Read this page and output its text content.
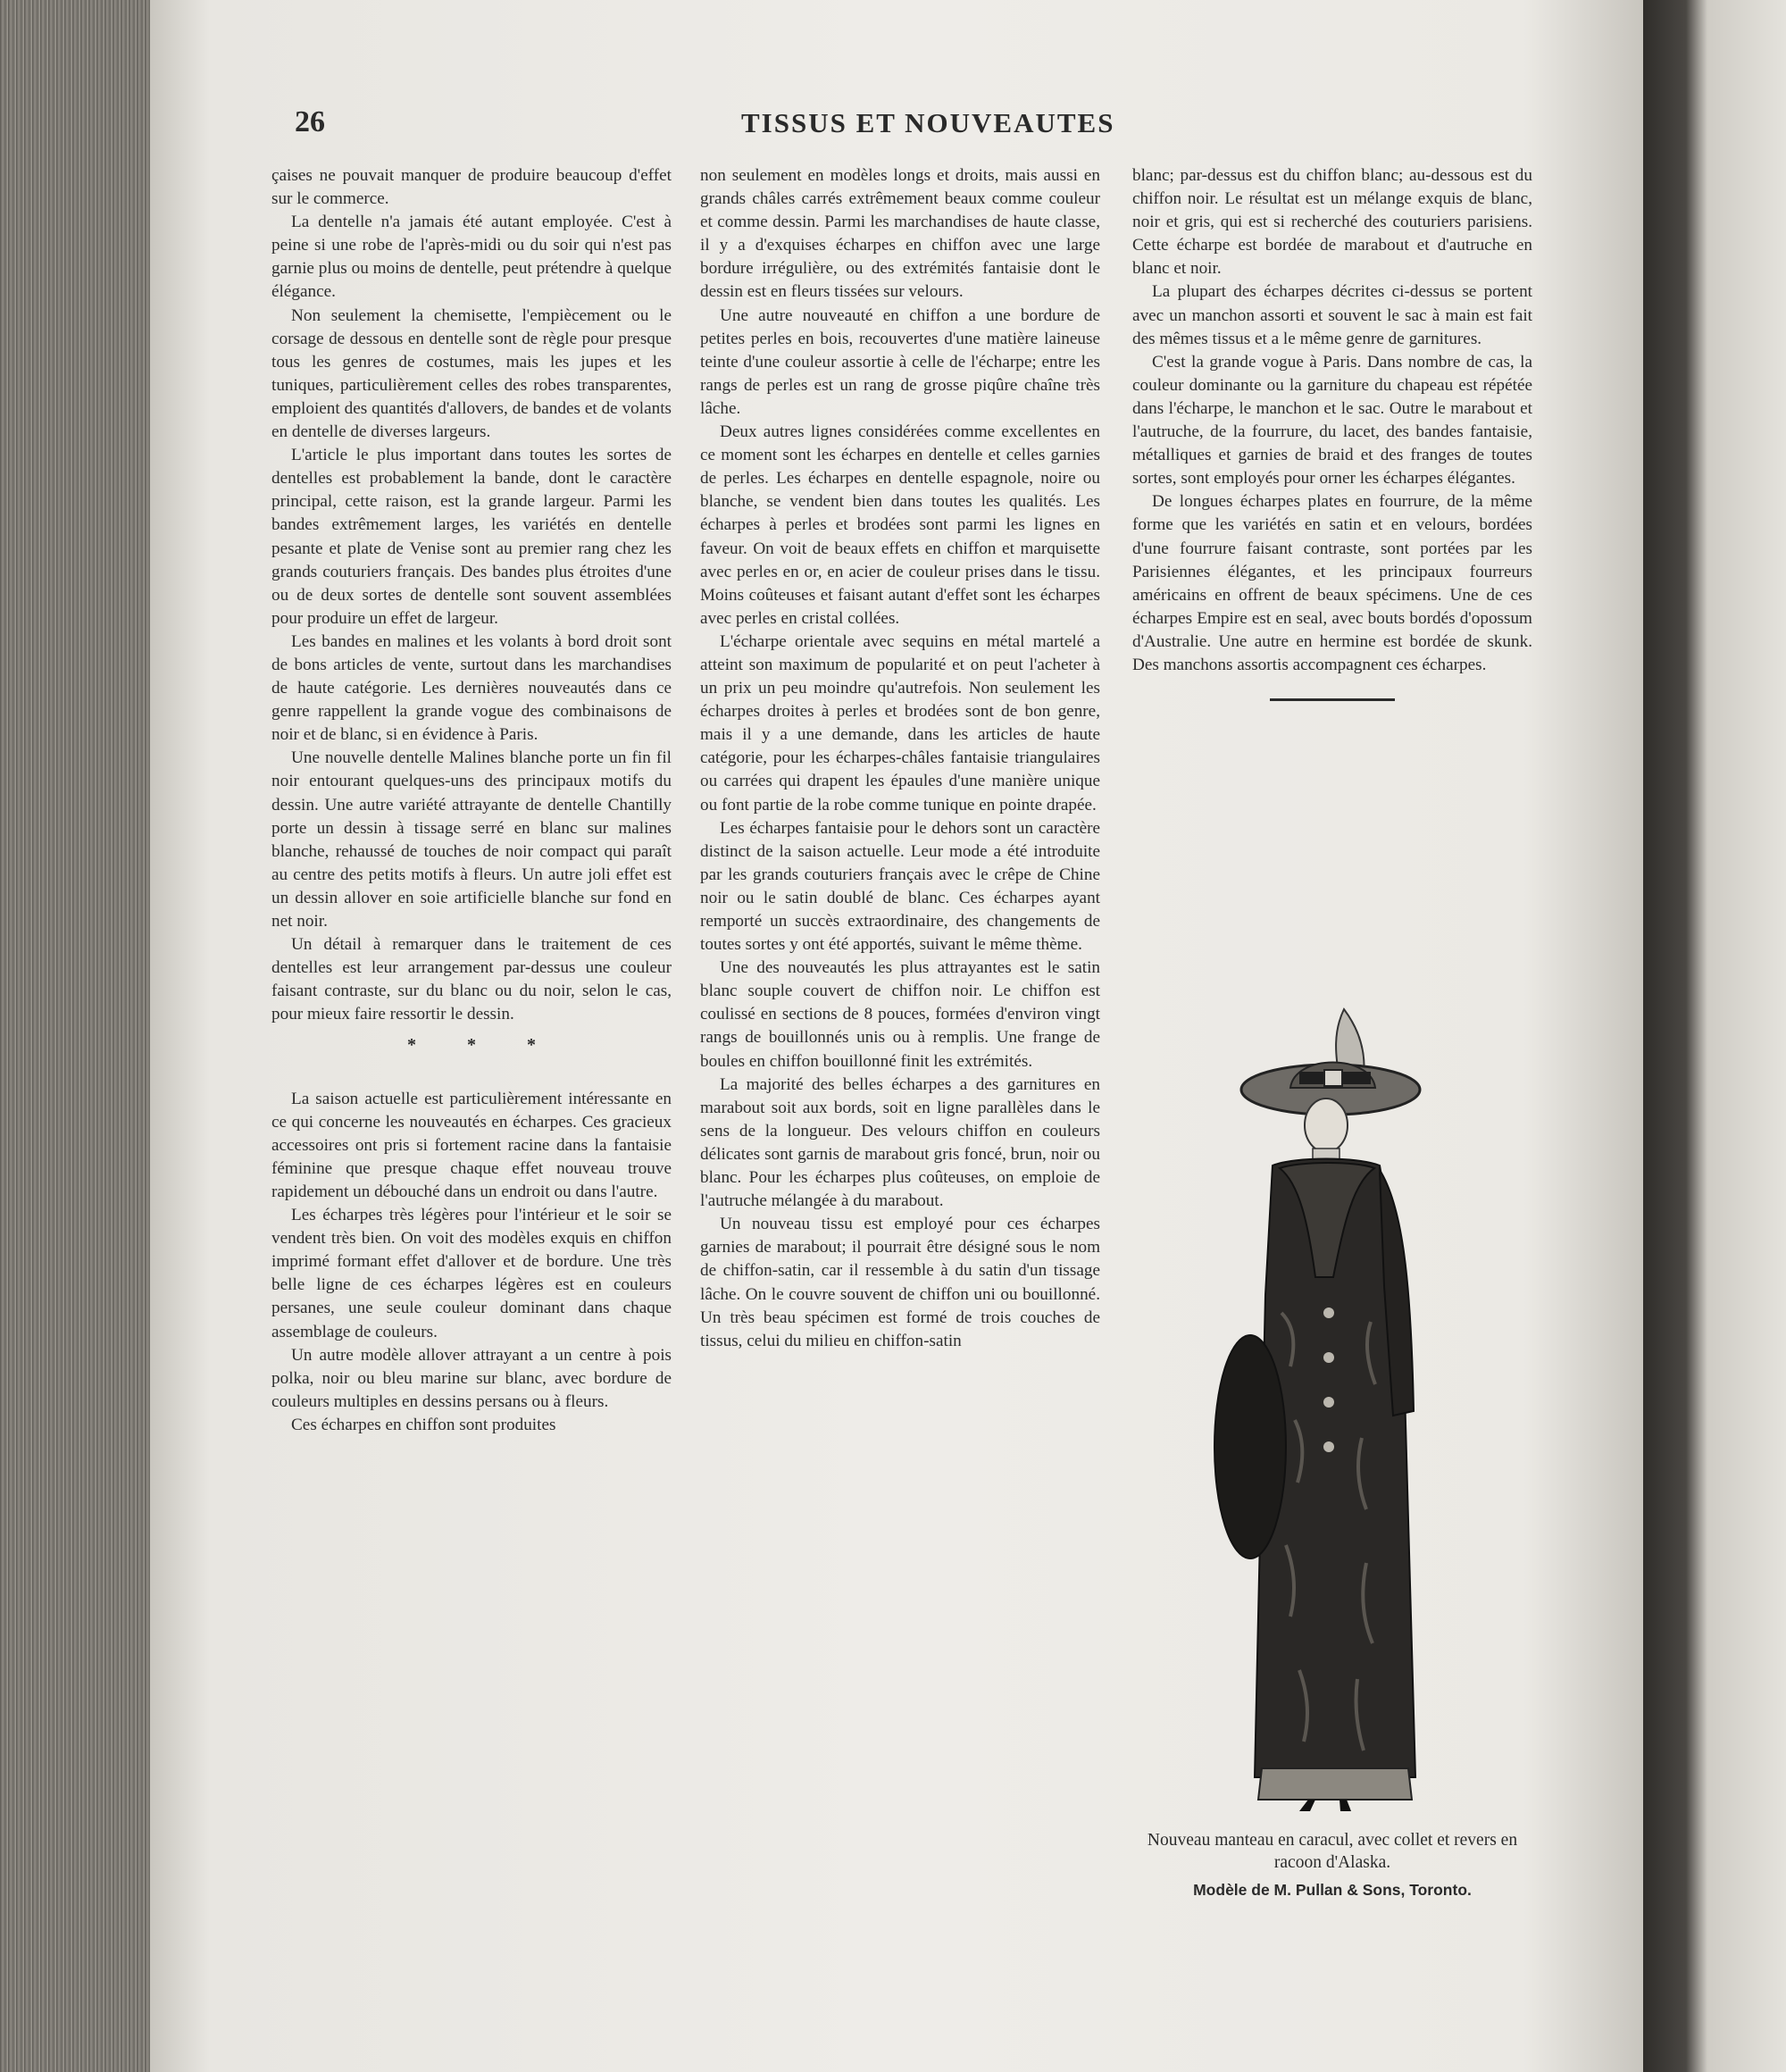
26	TISSUS ET NOUVEAUTES

çaises ne pouvait manquer de produire beaucoup d'effet sur le commerce.

La dentelle n'a jamais été autant employée. C'est à peine si une robe de l'après-midi ou du soir qui n'est pas garnie plus ou moins de dentelle, peut prétendre à quelque élégance.

Non seulement la chemisette, l'empiècement ou le corsage de dessous en dentelle sont de règle pour presque tous les genres de costumes, mais les jupes et les tuniques, particulièrement celles des robes transparentes, emploient des quantités d'allovers, de bandes et de volants en dentelle de diverses largeurs.

L'article le plus important dans toutes les sortes de dentelles est probablement la bande, dont le caractère principal, cette raison, est la grande largeur. Parmi les bandes extrêmement larges, les variétés en dentelle pesante et plate de Venise sont au premier rang chez les grands couturiers français. Des bandes plus étroites d'une ou de deux sortes de dentelle sont souvent assemblées pour produire un effet de largeur.

Les bandes en malines et les volants à bord droit sont de bons articles de vente, surtout dans les marchandises de haute catégorie. Les dernières nouveautés dans ce genre rappellent la grande vogue des combinaisons de noir et de blanc, si en évidence à Paris.

Une nouvelle dentelle Malines blanche porte un fin fil noir entourant quelques-uns des principaux motifs du dessin. Une autre variété attrayante de dentelle Chantilly porte un dessin à tissage serré en blanc sur malines blanche, rehaussé de touches de noir compact qui paraît au centre des petits motifs à fleurs. Un autre joli effet est un dessin allover en soie artificielle blanche sur fond en net noir.

Un détail à remarquer dans le traitement de ces dentelles est leur arrangement par-dessus une couleur faisant contraste, sur du blanc ou du noir, selon le cas, pour mieux faire ressortir le dessin.

* * *

La saison actuelle est particulièrement intéressante en ce qui concerne les nouveautés en écharpes. Ces gracieux accessoires ont pris si fortement racine dans la fantaisie féminine que presque chaque effet nouveau trouve rapidement un débouché dans un endroit ou dans l'autre.

Les écharpes très légères pour l'intérieur et le soir se vendent très bien. On voit des modèles exquis en chiffon imprimé formant effet d'allover et de bordure. Une très belle ligne de ces écharpes légères est en couleurs persanes, une seule couleur dominant dans chaque assemblage de couleurs.

Un autre modèle allover attrayant a un centre à pois polka, noir ou bleu marine sur blanc, avec bordure de couleurs multiples en dessins persans ou à fleurs.

Ces écharpes en chiffon sont produites

non seulement en modèles longs et droits, mais aussi en grands châles carrés extrêmement beaux comme couleur et comme dessin. Parmi les marchandises de haute classe, il y a d'exquises écharpes en chiffon avec une large bordure irrégulière, ou des extrémités fantaisie dont le dessin est en fleurs tissées sur velours.

Une autre nouveauté en chiffon a une bordure de petites perles en bois, recouvertes d'une matière laineuse teinte d'une couleur assortie à celle de l'écharpe; entre les rangs de perles est un rang de grosse piqûre chaîne très lâche.

Deux autres lignes considérées comme excellentes en ce moment sont les écharpes en dentelle et celles garnies de perles. Les écharpes en dentelle espagnole, noire ou blanche, se vendent bien dans toutes les qualités. Les écharpes à perles et brodées sont parmi les lignes en faveur. On voit de beaux effets en chiffon et marquisette avec perles en or, en acier de couleur prises dans le tissu. Moins coûteuses et faisant autant d'effet sont les écharpes avec perles en cristal collées.

L'écharpe orientale avec sequins en métal martelé a atteint son maximum de popularité et on peut l'acheter à un prix un peu moindre qu'autrefois. Non seulement les écharpes droites à perles et brodées sont de bon genre, mais il y a une demande, dans les articles de haute catégorie, pour les écharpes-châles fantaisie triangulaires ou carrées qui drapent les épaules d'une manière unique ou font partie de la robe comme tunique en pointe drapée.

Les écharpes fantaisie pour le dehors sont un caractère distinct de la saison actuelle. Leur mode a été introduite par les grands couturiers français avec le crêpe de Chine noir ou le satin doublé de blanc. Ces écharpes ayant remporté un succès extraordinaire, des changements de toutes sortes y ont été apportés, suivant le même thème.

Une des nouveautés les plus attrayantes est le satin blanc souple couvert de chiffon noir. Le chiffon est coulissé en sections de 8 pouces, formées d'environ vingt rangs de bouillonnés unis ou à remplis. Une frange de boules en chiffon bouillonné finit les extrémités.

La majorité des belles écharpes a des garnitures en marabout soit aux bords, soit en ligne parallèles dans le sens de la longueur. Des velours chiffon en couleurs délicates sont garnis de marabout gris foncé, brun, noir ou blanc. Pour les écharpes plus coûteuses, on emploie de l'autruche mélangée à du marabout.

Un nouveau tissu est employé pour ces écharpes garnies de marabout; il pourrait être désigné sous le nom de chiffon-satin, car il ressemble à du satin d'un tissage lâche. On le couvre souvent de chiffon uni ou bouillonné. Un très beau spécimen est formé de trois couches de tissus, celui du milieu en chiffon-satin

blanc; par-dessus est du chiffon blanc; au-dessous est du chiffon noir. Le résultat est un mélange exquis de blanc, noir et gris, qui est si recherché des couturiers parisiens. Cette écharpe est bordée de marabout et d'autruche en blanc et noir.

La plupart des écharpes décrites ci-dessus se portent avec un manchon assorti et souvent le sac à main est fait des mêmes tissus et a le même genre de garnitures.

C'est la grande vogue à Paris. Dans nombre de cas, la couleur dominante ou la garniture du chapeau est répétée dans l'écharpe, le manchon et le sac. Outre le marabout et l'autruche, de la fourrure, du lacet, des bandes fantaisie, métalliques et garnies de braid et des franges de toutes sortes, sont employés pour orner les écharpes élégantes.

De longues écharpes plates en fourrure, de la même forme que les variétés en satin et en velours, bordées d'une fourrure faisant contraste, sont portées par les Parisiennes élégantes, et les principaux fourreurs américains en offrent de beaux spécimens. Une de ces écharpes Empire est en seal, avec bouts bordés d'opossum d'Australie. Une autre en hermine est bordée de skunk. Des manchons assortis accompagnent ces écharpes.

Nouveau manteau en caracul, avec collet et revers en racoon d'Alaska.
Modèle de M. Pullan & Sons, Toronto.
